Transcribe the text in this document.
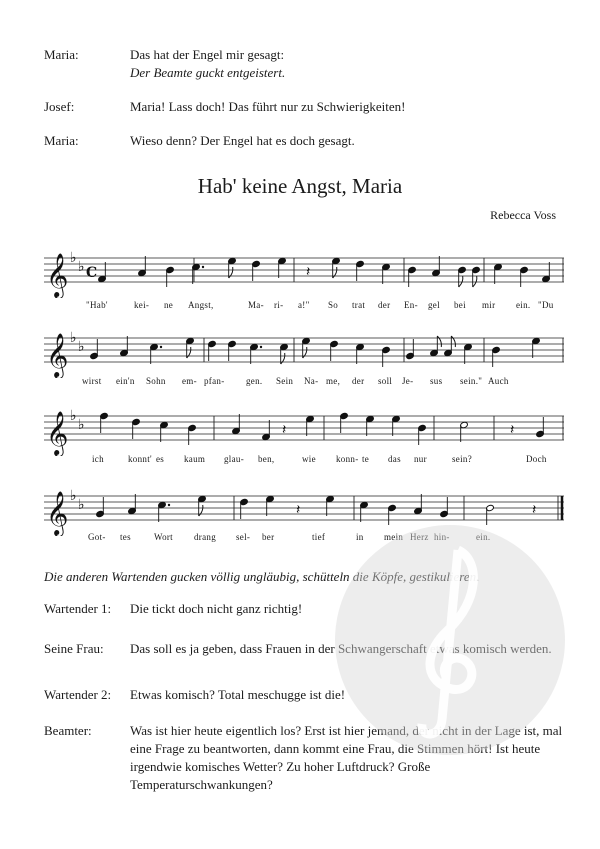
Maria:	Das hat der Engel mir gesagt:
Der Beamte guckt entgeistert.
Josef:	Maria! Lass doch! Das führt nur zu Schwierigkeiten!
Maria:	Wieso denn? Der Engel hat es doch gesagt.
Hab' keine Angst, Maria
Rebecca Voss
𝄞 ♭
♭ C	𝄽
"Hab'	kei- ne Angst,	Ma- ri- a!" So trat der En- gel bei mir ein. "Du
𝄞 ♭
♭
wirst ein'n Sohn em- pfan- gen. Sein Na- me, der soll Je- sus sein." Auch
𝄞 ♭
♭	𝄽	𝄽
ich	konnt' es kaum glau- ben,	wie konn- te das nur	sein?	Doch
𝄞 ♭
♭	𝄽	𝄽
Got- tes	Wort drang sel- ber	tief	in mein Herz hin-	ein.
Die anderen Wartenden gucken völlig ungläubig, schütteln die Köpfe, gestikulieren.
Wartender 1:	Die tickt doch nicht ganz richtig!
Seine Frau:	Das soll es ja geben, dass Frauen in der Schwangerschaft etwas komisch werden.
Wartender 2:	Etwas komisch? Total meschugge ist die!
Beamter:	Was ist hier heute eigentlich los? Erst ist hier jemand, der nicht in der Lage ist, mal eine Frage zu beantworten, dann kommt eine Frau, die Stimmen hört! Ist heute irgendwie komisches Wetter? Zu hoher Luftdruck? Große Temperaturschwankungen?
